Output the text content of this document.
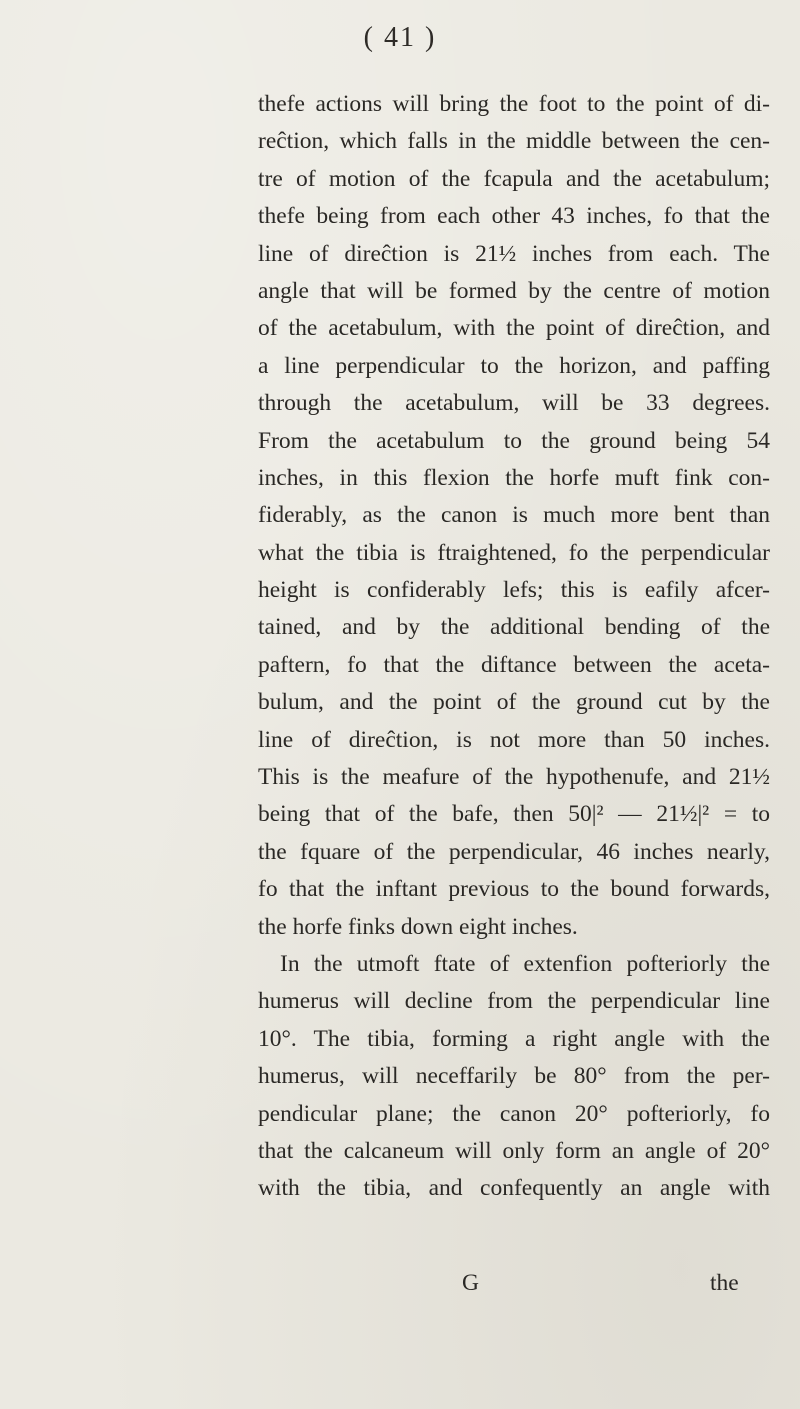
( 41 )
thefe actions will bring the foot to the point of di-
reĉtion, which falls in the middle between the cen-
tre of motion of the fcapula and the acetabulum;
thefe being from each other 43 inches, fo that the
line of direĉtion is 21½ inches from each. The
angle that will be formed by the centre of motion
of the acetabulum, with the point of direĉtion, and
a line perpendicular to the horizon, and paffing
through the acetabulum, will be 33 degrees.
From the acetabulum to the ground being 54
inches, in this flexion the horfe muft fink con-
fiderably, as the canon is much more bent than
what the tibia is ftraightened, fo the perpendicular
height is confiderably lefs; this is eafily afcer-
tained, and by the additional bending of the
paftern, fo that the diftance between the aceta-
bulum, and the point of the ground cut by the
line of direĉtion, is not more than 50 inches.
This is the meafure of the hypothenufe, and 21½
being that of the bafe, then 50|² — 21½|² = to
the fquare of the perpendicular, 46 inches nearly,
fo that the inftant previous to the bound forwards,
the horfe finks down eight inches.
In the utmoft ftate of extenfion pofteriorly the
humerus will decline from the perpendicular line
10°. The tibia, forming a right angle with the
humerus, will neceffarily be 80° from the per-
pendicular plane; the canon 20° pofteriorly, fo
that the calcaneum will only form an angle of 20°
with the tibia, and confequently an angle with
G	the
